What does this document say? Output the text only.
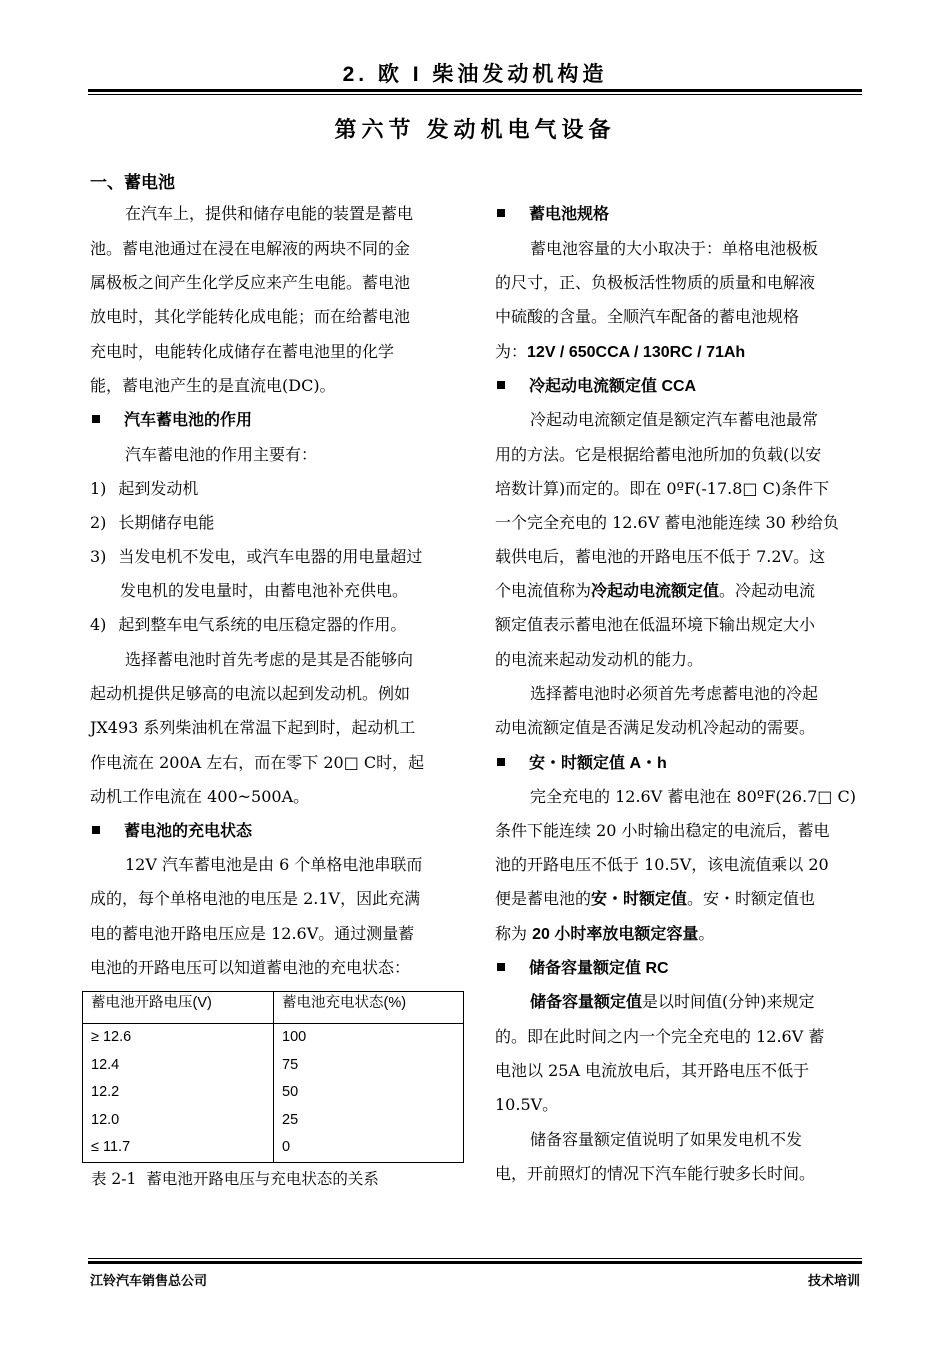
2. 欧 I 柴油发动机构造
第六节 发动机电气设备
一、蓄电池
在汽车上，提供和储存电能的装置是蓄电
池。蓄电池通过在浸在电解液的两块不同的金
属极板之间产生化学反应来产生电能。蓄电池
放电时，其化学能转化成电能；而在给蓄电池
充电时，电能转化成储存在蓄电池里的化学
能，蓄电池产生的是直流电(DC)。
汽车蓄电池的作用
汽车蓄电池的作用主要有：
1) 起到发动机
2) 长期储存电能
3) 当发电机不发电，或汽车电器的用电量超过
发电机的发电量时，由蓄电池补充供电。
4) 起到整车电气系统的电压稳定器的作用。
选择蓄电池时首先考虑的是其是否能够向
起动机提供足够高的电流以起到发动机。例如
JX493 系列柴油机在常温下起到时，起动机工
作电流在 200A 左右，而在零下 20□ C时，起
动机工作电流在 400~500A。
蓄电池的充电状态
12V 汽车蓄电池是由 6 个单格电池串联而
成的，每个单格电池的电压是 2.1V，因此充满
电的蓄电池开路电压应是 12.6V。通过测量蓄
电池的开路电压可以知道蓄电池的充电状态：
蓄电池开路电压(V)	蓄电池充电状态(%)
≥ 12.6	100
12.4	75
12.2	50
12.0	25
≤ 11.7	0
表 2-1 蓄电池开路电压与充电状态的关系
蓄电池规格
蓄电池容量的大小取决于：单格电池极板
的尺寸，正、负极板活性物质的质量和电解液
中硫酸的含量。全顺汽车配备的蓄电池规格
为：12V / 650CCA / 130RC / 71Ah
冷起动电流额定值 CCA
冷起动电流额定值是额定汽车蓄电池最常
用的方法。它是根据给蓄电池所加的负载(以安
培数计算)而定的。即在 0ºF(-17.8□ C)条件下
一个完全充电的 12.6V 蓄电池能连续 30 秒给负
载供电后，蓄电池的开路电压不低于 7.2V。这
个电流值称为冷起动电流额定值。冷起动电流
额定值表示蓄电池在低温环境下输出规定大小
的电流来起动发动机的能力。
选择蓄电池时必须首先考虑蓄电池的冷起
动电流额定值是否满足发动机冷起动的需要。
安・时额定值 A・h
完全充电的 12.6V 蓄电池在 80ºF(26.7□ C)
条件下能连续 20 小时输出稳定的电流后，蓄电
池的开路电压不低于 10.5V，该电流值乘以 20
便是蓄电池的安・时额定值。安・时额定值也
称为 20 小时率放电额定容量。
储备容量额定值 RC
储备容量额定值是以时间值(分钟)来规定
的。即在此时间之内一个完全充电的 12.6V 蓄
电池以 25A 电流放电后，其开路电压不低于
10.5V。
储备容量额定值说明了如果发电机不发
电，开前照灯的情况下汽车能行驶多长时间。
江铃汽车销售总公司	技术培训
